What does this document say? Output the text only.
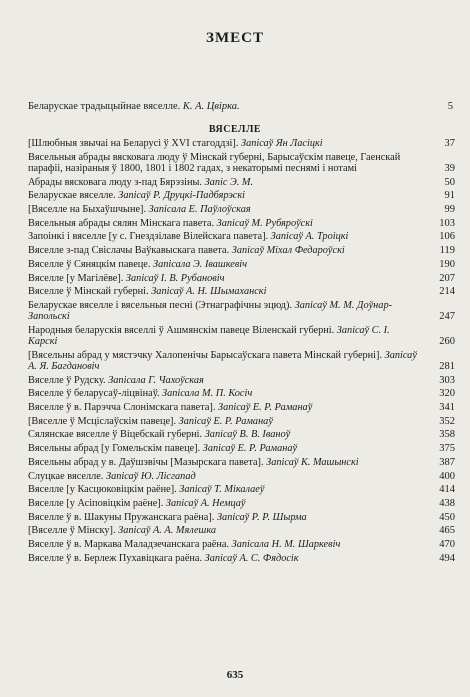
ЗМЕСТ
Беларускае традыцыйнае вяселле. К. А. Цвірка.	5
ВЯСЕЛЛЕ
[Шлюбныя звычаі на Беларусі ў XVI стагоддзі]. Запісаў Ян Ласіцкі	37
Вясельныя абрады вясковага люду ў Мінскай губерні, Барысаўскім павеце, Гаенскай парафіі, назіраныя ў 1800, 1801 і 1802 гадах, з некаторымі песнямі і нотамі	39
Абрады вясковага люду з-пад Бярэзіны. Запіс Э. М.	50
Беларускае вяселле. Запісаў Р. Друцкі-Падбярэскі	91
[Вяселле на Быхаўшчыне]. Запісала Е. Паўлоўская	99
Вясельныя абрады сялян Мінскага павета. Запісаў М. Рубяроўскі	103
Запоінкі і вяселле [у с. Гнездзілаве Вілейскага павета]. Запісаў А. Троіцкі	106
Вяселле з-пад Свіслачы Ваўкавыскага павета. Запісаў Міхал Федароўскі	119
Вяселле ў Сяняцкім павеце. Запісала Э. Івашкевіч	190
Вяселле [у Магілёве]. Запісаў І. В. Рубановіч	207
Вяселле ў Мінскай губерні. Запісаў А. Н. Шымаханскі	214
Беларускае вяселле і вясельныя песні (Этнаграфічны эцюд). Запісаў М. М. Доўнар-Запольскі	247
Народныя беларускія вяселлі ў Ашмянскім павеце Віленскай губерні. Запісаў С. І. Карскі	260
[Вясельны абрад у мястэчку Халопенічы Барысаўскага павета Мінскай губерні]. Запісаў А. Я. Багдановіч	281
Вяселле ў Рудску. Запісала Г. Чахоўская	303
Вяселле ў беларусаў-ліцвінаў. Запісала М. П. Косіч	320
Вяселле ў в. Парэчча Слонімскага павета]. Запісаў Е. Р. Раманаў	341
[Вяселле ў Мсціслаўскім павеце]. Запісаў Е. Р. Раманаў	352
Сялянскае вяселле ў Віцебскай губерні. Запісаў В. В. Іваноў	358
Вясельны абрад [у Гомельскім павеце]. Запісаў Е. Р. Раманаў	375
Вясельны абрад у в. Даўшэвічы [Мазырскага павета]. Запісаў К. Машынскі	387
Слуцкае вяселле. Запісаў Ю. Лісгапад	400
Вяселле [у Касцюковіцкім раёне]. Запісаў Т. Мікалаеў	414
Вяселле [у Асіповіцкім раёне]. Запісаў А. Немцаў	438
Вяселле ў в. Шакуны Пружанскага раёна]. Запісаў Р. Р. Шырма	450
[Вяселле ў Мінску]. Запісаў А. А. Мялешка	465
Вяселле ў в. Маркава Маладзечанскага раёна. Запісала Н. М. Шаркевіч	470
Вяселле ў в. Берлеж Пухавіцкага раёна. Запісаў А. С. Фядосік	494
635
